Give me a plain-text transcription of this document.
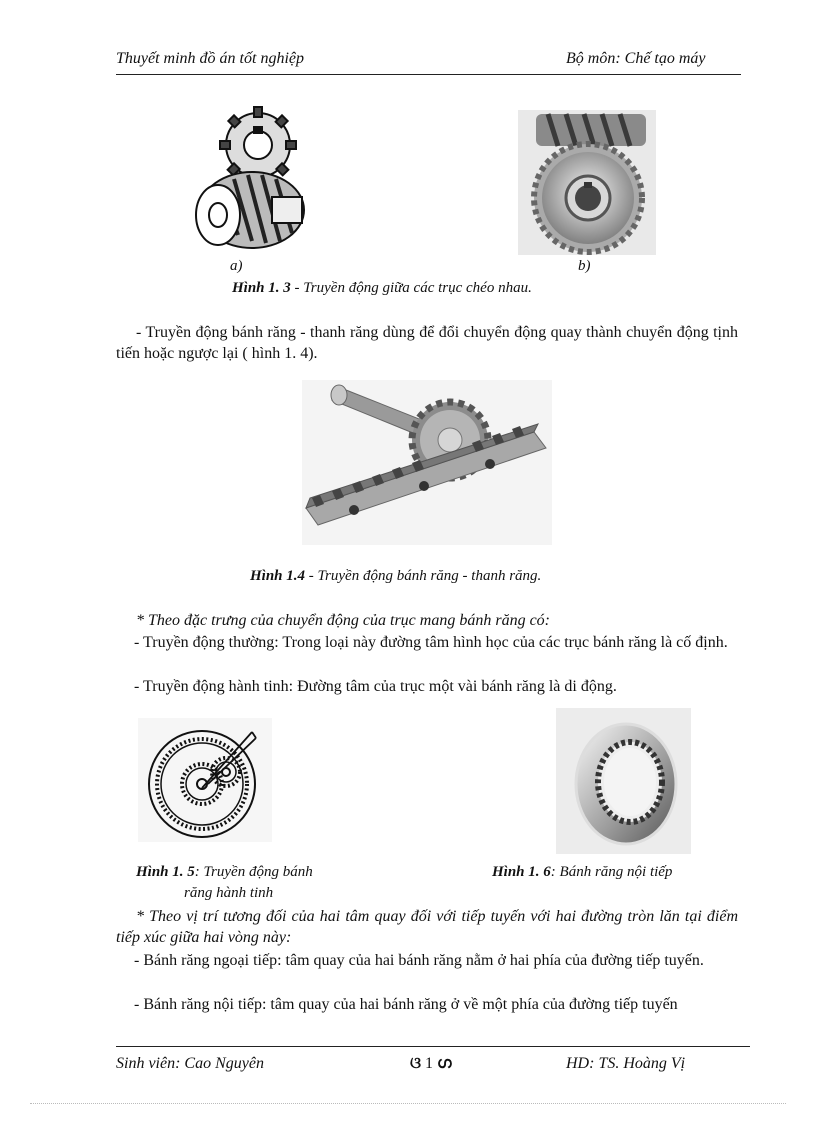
Thuyết minh đồ án tốt nghiệp	Bộ môn: Chế tạo máy
a)	b)
Hình 1. 3 - Truyền động giữa các trục chéo nhau.
- Truyền động bánh răng - thanh răng dùng để đổi chuyển động quay thành chuyển động tịnh tiến hoặc ngược lại ( hình 1. 4).
Hình 1.4 - Truyền động bánh răng - thanh răng.
* Theo đặc trưng của chuyển động của trục mang bánh răng có:
- Truyền động thường: Trong loại này đường tâm hình học của các trục bánh răng là cố định.
- Truyền động hành tinh: Đường tâm của trục một vài bánh răng là di động.
Hình 1. 5: Truyền động bánh
răng hành tinh
Hình 1. 6: Bánh răng nội tiếp
* Theo vị trí tương đối của hai tâm quay đối với tiếp tuyến với hai đường tròn lăn tại điểm tiếp xúc giữa hai vòng này:
- Bánh răng ngoại tiếp: tâm quay của hai bánh răng nằm ở hai phía của đường tiếp tuyến.
- Bánh răng nội tiếp: tâm quay của hai bánh răng ở về một phía của đường tiếp tuyến
Sinh viên: Cao Nguyên	ଓ 1 ഗ	HD: TS. Hoàng Vị
